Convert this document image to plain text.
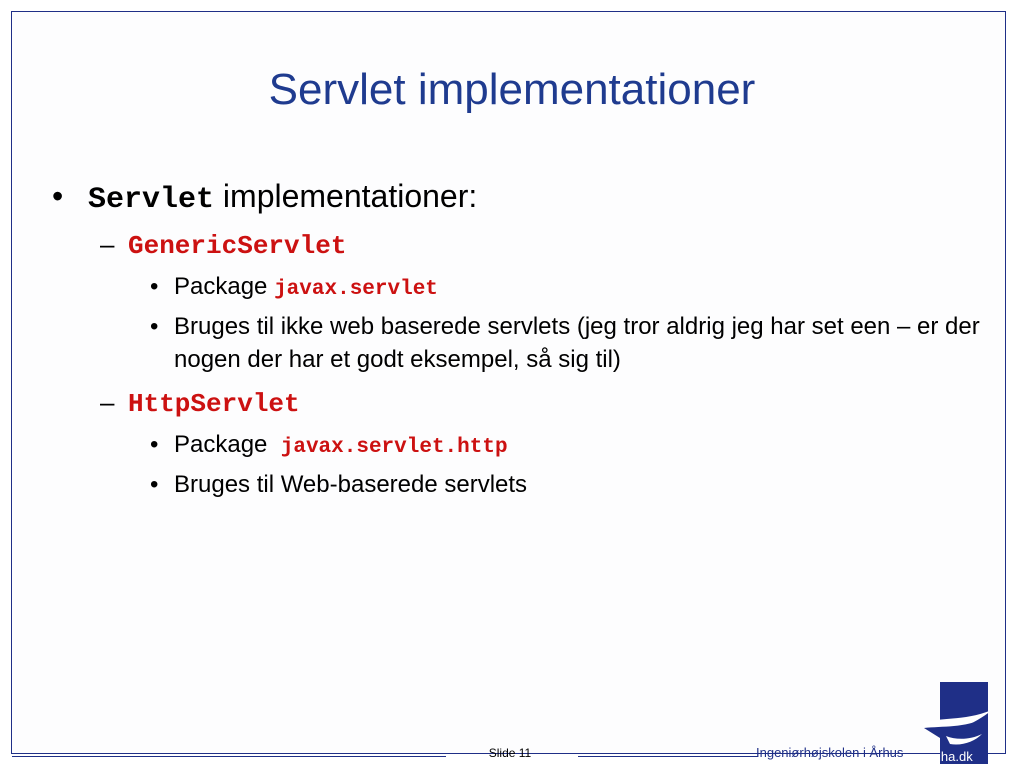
Servlet implementationer
• Servlet implementationer:
– GenericServlet
• Package javax.servlet
• Bruges til ikke web baserede servlets (jeg tror aldrig jeg har set een – er der nogen der har et godt eksempel, så sig til)
– HttpServlet
• Package  javax.servlet.http
• Bruges til Web-baserede servlets
Slide 11	Ingeniørhøjskolen i Århus	iha.dk
